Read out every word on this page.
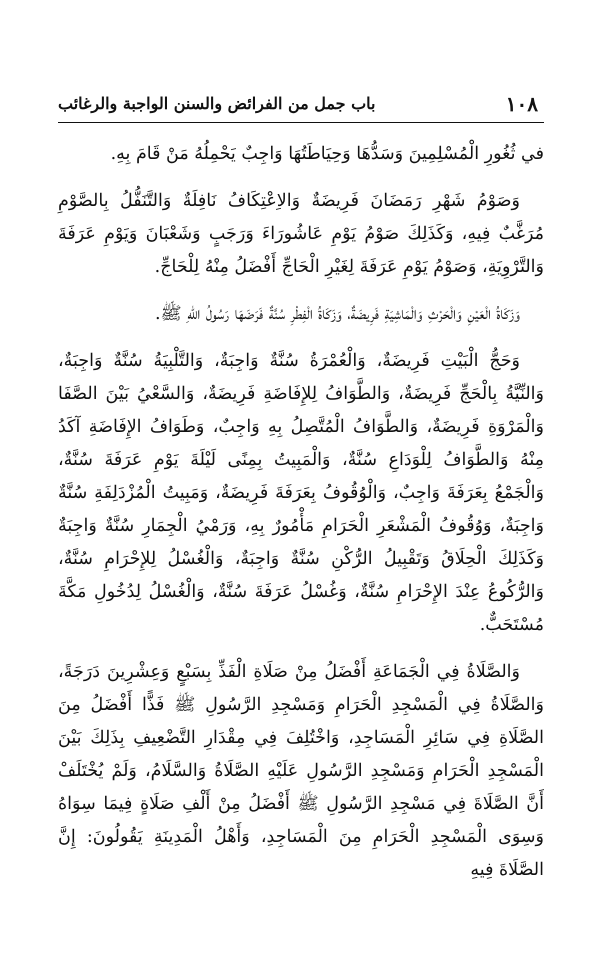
١٠٨
باب جمل من الفرائض والسنن الواجبة والرغائب

في ثُغُورِ الْمُسْلِمِينَ وَسَدُّهَا وَحِيَاطَتُهَا وَاجِبٌ يَحْمِلُهُ مَنْ قَامَ بِهِ.

وَصَوْمُ شَهْرِ رَمَضَانَ فَرِيضَةٌ وَالاِعْتِكَافُ نَافِلَةٌ وَالتَّنَفُّلُ بِالصَّوْمِ مُرَغَّبٌ فِيهِ، وَكَذَلِكَ صَوْمُ يَوْمِ عَاشُورَاءَ وَرَجَبٍ وَشَعْبَانَ وَيَوْمِ عَرَفَةَ وَالتَّرْوِيَةِ، وَصَوْمُ يَوْمِ عَرَفَةَ لِغَيْرِ الْحَاجِّ أَفْضَلُ مِنْهُ لِلْحَاجِّ.

وَزَكَاةُ الْعَيْنِ وَالْحَرْثِ وَالْمَاشِيَةِ فَرِيضَةٌ، وَزَكَاةُ الْفِطْرِ سُنَّةٌ فَرَضَهَا رَسُولُ اللهِ ﷺ.

وَحَجُّ الْبَيْتِ فَرِيضَةٌ، وَالْعُمْرَةُ سُنَّةٌ وَاجِبَةٌ، وَالتَّلْبِيَةُ سُنَّةٌ وَاجِبَةٌ، وَالنِّيَّةُ بِالْحَجِّ فَرِيضَةٌ، وَالطَّوَافُ لِلإِفَاضَةِ فَرِيضَةٌ، وَالسَّعْيُ بَيْنَ الصَّفَا وَالْمَرْوَةِ فَرِيضَةٌ، وَالطَّوَافُ الْمُتَّصِلُ بِهِ وَاجِبٌ، وَطَوَافُ الإِفَاضَةِ آكَدُ مِنْهُ وَالطَّوَافُ لِلْوَدَاعِ سُنَّةٌ، وَالْمَبِيتُ بِمِنًى لَيْلَةَ يَوْمِ عَرَفَةَ سُنَّةٌ، وَالْجَمْعُ بِعَرَفَةَ وَاجِبٌ، وَالْوُقُوفُ بِعَرَفَةَ فَرِيضَةٌ، وَمَبِيتُ الْمُزْدَلِفَةِ سُنَّةٌ وَاجِبَةٌ، وَوُقُوفُ الْمَشْعَرِ الْحَرَامِ مَأْمُورٌ بِهِ، وَرَمْيُ الْجِمَارِ سُنَّةٌ وَاجِبَةٌ وَكَذَلِكَ الْحِلَاقُ وَتَقْبِيلُ الرُّكْنِ سُنَّةٌ وَاجِبَةٌ، وَالْغُسْلُ لِلإِحْرَامِ سُنَّةٌ، وَالرُّكُوعُ عِنْدَ الإِحْرَامِ سُنَّةٌ، وَغُسْلُ عَرَفَةَ سُنَّةٌ، وَالْغُسْلُ لِدُخُولِ مَكَّةَ مُسْتَحَبٌّ.

وَالصَّلَاةُ فِي الْجَمَاعَةِ أَفْضَلُ مِنْ صَلَاةِ الْفَذِّ بِسَبْعٍ وَعِشْرِينَ دَرَجَةً، وَالصَّلَاةُ فِي الْمَسْجِدِ الْحَرَامِ وَمَسْجِدِ الرَّسُولِ ﷺ فَذًّا أَفْضَلُ مِنَ الصَّلَاةِ فِي سَائِرِ الْمَسَاجِدِ، وَاخْتُلِفَ فِي مِقْدَارِ التَّضْعِيفِ بِذَلِكَ بَيْنَ الْمَسْجِدِ الْحَرَامِ وَمَسْجِدِ الرَّسُولِ عَلَيْهِ الصَّلَاةُ وَالسَّلَامُ، وَلَمْ يُخْتَلَفْ أَنَّ الصَّلَاةَ فِي مَسْجِدِ الرَّسُولِ ﷺ أَفْضَلُ مِنْ أَلْفِ صَلَاةٍ فِيمَا سِوَاهُ وَسِوَى الْمَسْجِدِ الْحَرَامِ مِنَ الْمَسَاجِدِ، وَأَهْلُ الْمَدِينَةِ يَقُولُونَ: إِنَّ الصَّلَاةَ فِيهِ
